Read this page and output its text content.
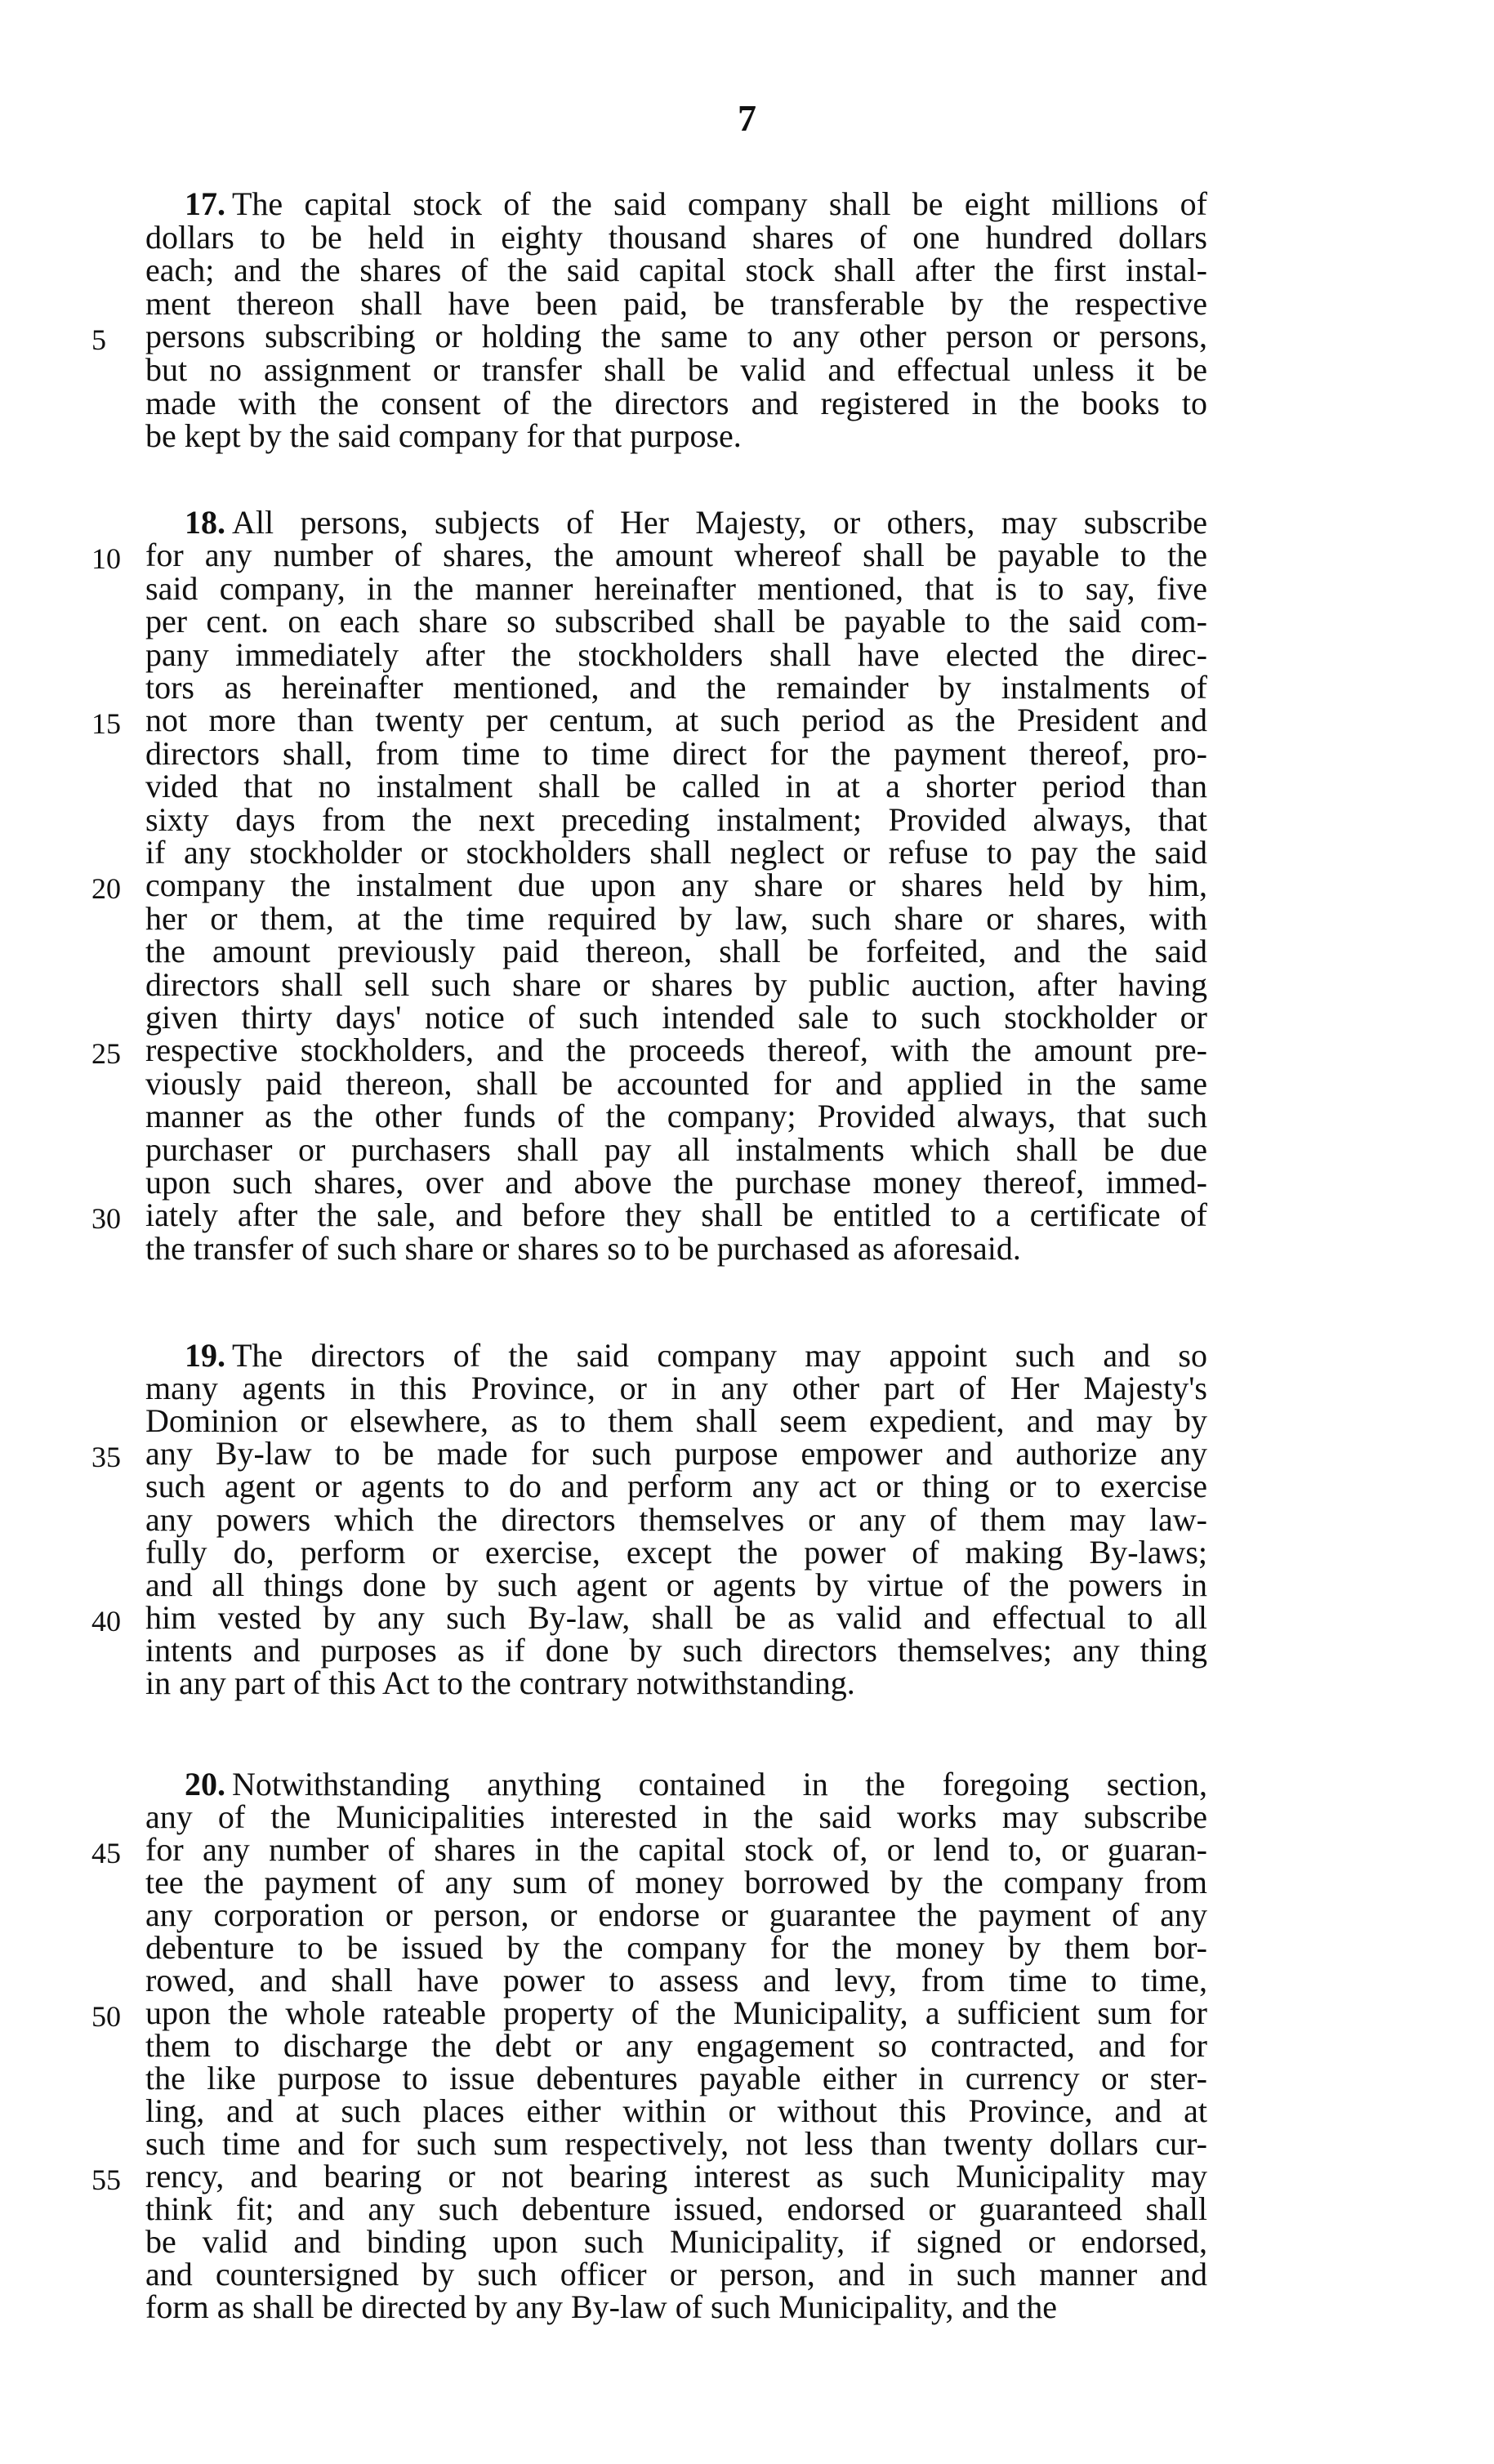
7
17. The capital stock of the said company shall be eight millions of
dollars to be held in eighty thousand shares of one hundred dollars
each; and the shares of the said capital stock shall after the first instal-
ment thereon shall have been paid, be transferable by the respective
persons subscribing or holding the same to any other person or persons,
5
but no assignment or transfer shall be valid and effectual unless it be
made with the consent of the directors and registered in the books to
be kept by the said company for that purpose.
18. All persons, subjects of Her Majesty, or others, may subscribe
for any number of shares, the amount whereof shall be payable to the
10
said company, in the manner hereinafter mentioned, that is to say, five
per cent. on each share so subscribed shall be payable to the said com-
pany immediately after the stockholders shall have elected the direc-
tors as hereinafter mentioned, and the remainder by instalments of
not more than twenty per centum, at such period as the President and
15
directors shall, from time to time direct for the payment thereof, pro-
vided that no instalment shall be called in at a shorter period than
sixty days from the next preceding instalment; Provided always, that
if any stockholder or stockholders shall neglect or refuse to pay the said
company the instalment due upon any share or shares held by him,
20
her or them, at the time required by law, such share or shares, with
the amount previously paid thereon, shall be forfeited, and the said
directors shall sell such share or shares by public auction, after having
given thirty days' notice of such intended sale to such stockholder or
respective stockholders, and the proceeds thereof, with the amount pre-
25
viously paid thereon, shall be accounted for and applied in the same
manner as the other funds of the company; Provided always, that such
purchaser or purchasers shall pay all instalments which shall be due
upon such shares, over and above the purchase money thereof, immed-
iately after the sale, and before they shall be entitled to a certificate of
30
the transfer of such share or shares so to be purchased as aforesaid.
19. The directors of the said company may appoint such and so
many agents in this Province, or in any other part of Her Majesty's
Dominion or elsewhere, as to them shall seem expedient, and may by
any By-law to be made for such purpose empower and authorize any
35
such agent or agents to do and perform any act or thing or to exercise
any powers which the directors themselves or any of them may law-
fully do, perform or exercise, except the power of making By-laws;
and all things done by such agent or agents by virtue of the powers in
him vested by any such By-law, shall be as valid and effectual to all
40
intents and purposes as if done by such directors themselves; any thing
in any part of this Act to the contrary notwithstanding.
20. Notwithstanding anything contained in the foregoing section,
any of the Municipalities interested in the said works may subscribe
for any number of shares in the capital stock of, or lend to, or guaran-
45
tee the payment of any sum of money borrowed by the company from
any corporation or person, or endorse or guarantee the payment of any
debenture to be issued by the company for the money by them bor-
rowed, and shall have power to assess and levy, from time to time,
upon the whole rateable property of the Municipality, a sufficient sum for
50
them to discharge the debt or any engagement so contracted, and for
the like purpose to issue debentures payable either in currency or ster-
ling, and at such places either within or without this Province, and at
such time and for such sum respectively, not less than twenty dollars cur-
rency, and bearing or not bearing interest as such Municipality may
55
think fit; and any such debenture issued, endorsed or guaranteed shall
be valid and binding upon such Municipality, if signed or endorsed,
and countersigned by such officer or person, and in such manner and
form as shall be directed by any By-law of such Municipality, and the
